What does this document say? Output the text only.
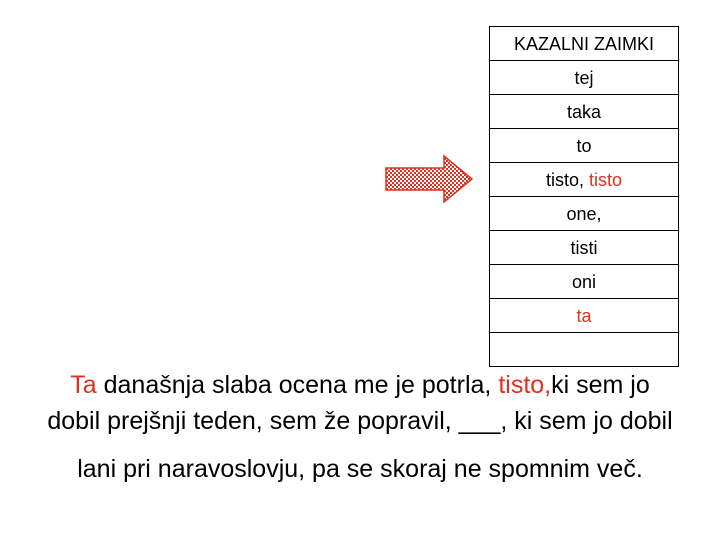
KAZALNI ZAIMKI
tej
taka
to
tisto, tisto
one,
tisti
oni
ta

Ta današnja slaba ocena me je potrla, tisto,ki sem jo
dobil prejšnji teden, sem že popravil, ___, ki sem jo dobil
lani pri naravoslovju, pa se skoraj ne spomnim več.
